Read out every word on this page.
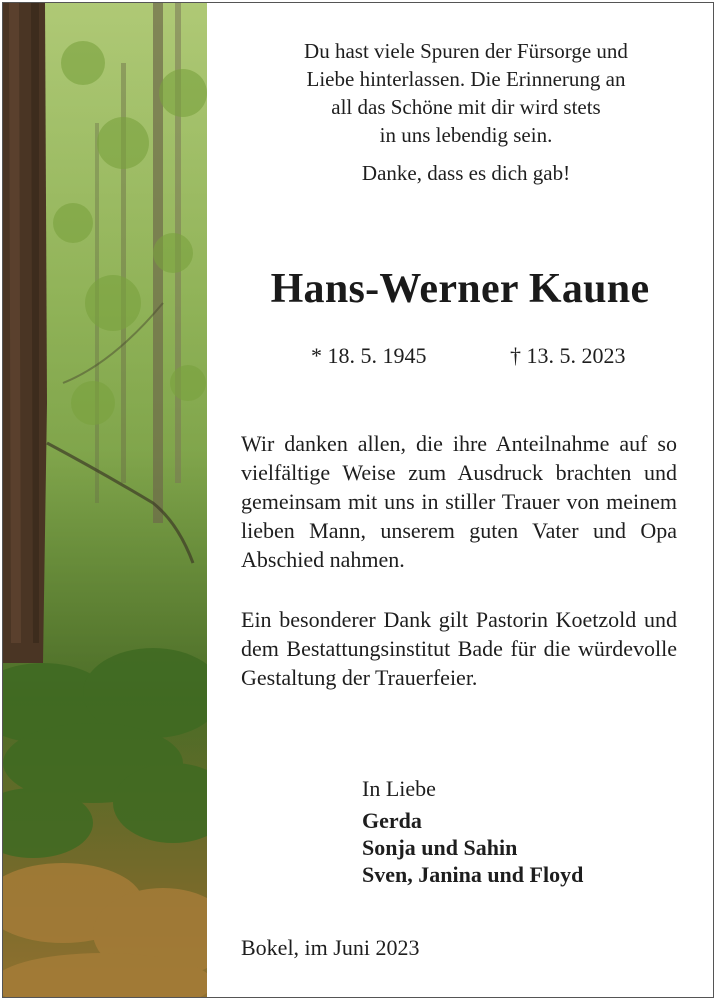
Du hast viele Spuren der Fürsorge und
Liebe hinterlassen. Die Erinnerung an
all das Schöne mit dir wird stets
in uns lebendig sein.
Danke, dass es dich gab!
Hans-Werner Kaune
* 18. 5. 1945	† 13. 5. 2023
Wir danken allen, die ihre Anteilnahme auf so vielfältige Weise zum Ausdruck brachten und gemeinsam mit uns in stiller Trauer von meinem lieben Mann, unserem guten Vater und Opa Abschied nahmen.
Ein besonderer Dank gilt Pastorin Koetzold und dem Bestattungsinstitut Bade für die würdevolle Gestaltung der Trauerfeier.
In Liebe
Gerda
Sonja und Sahin
Sven, Janina und Floyd
Bokel, im Juni 2023
